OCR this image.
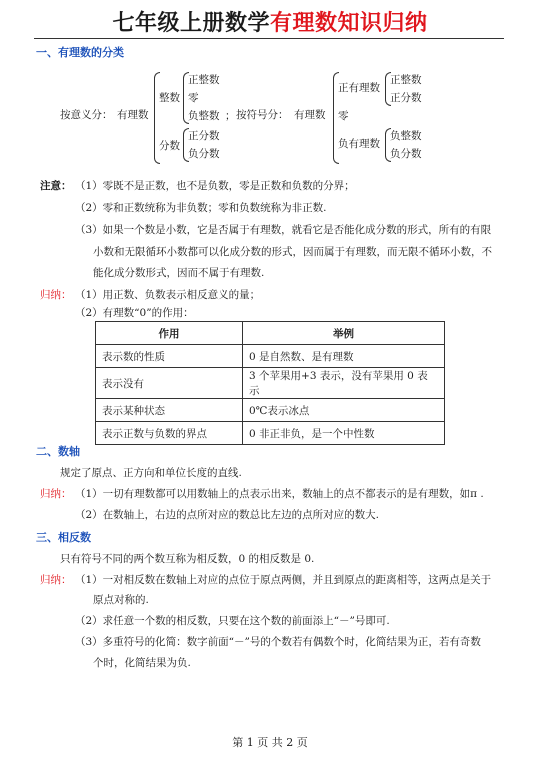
七年级上册数学有理数知识归纳
一、有理数的分类
按意义分： 有理数
整数
正整数
零
负整数
分数
正分数
负分数
； 按符号分： 有理数
正有理数
正整数
正分数
零
负有理数
负整数
负分数
注意： （1）零既不是正数，也不是负数，零是正数和负数的分界；
（2）零和正数统称为非负数；零和负数统称为非正数.
（3）如果一个数是小数，它是否属于有理数，就看它是否能化成分数的形式，所有的有限
小数和无限循环小数都可以化成分数的形式，因而属于有理数，而无限不循环小数，不
能化成分数形式，因而不属于有理数.
归纳： （1）用正数、负数表示相反意义的量；
（2）有理数“0”的作用：
作用	举例
表示数的性质	0 是自然数、是有理数
表示没有	3 个苹果用+3 表示，没有苹果用 0 表示
表示某种状态	0℃表示冰点
表示正数与负数的界点	0 非正非负，是一个中性数
二、数轴
规定了原点、正方向和单位长度的直线.
归纳： （1）一切有理数都可以用数轴上的点表示出来，数轴上的点不都表示的是有理数，如π .
（2）在数轴上，右边的点所对应的数总比左边的点所对应的数大.
三、相反数
只有符号不同的两个数互称为相反数，0 的相反数是 0.
归纳： （1）一对相反数在数轴上对应的点位于原点两侧，并且到原点的距离相等，这两点是关于
原点对称的.
（2）求任意一个数的相反数，只要在这个数的前面添上“－”号即可.
（3）多重符号的化简：数字前面“－”号的个数若有偶数个时，化简结果为正，若有奇数
个时，化简结果为负.
第 1 页 共 2 页
